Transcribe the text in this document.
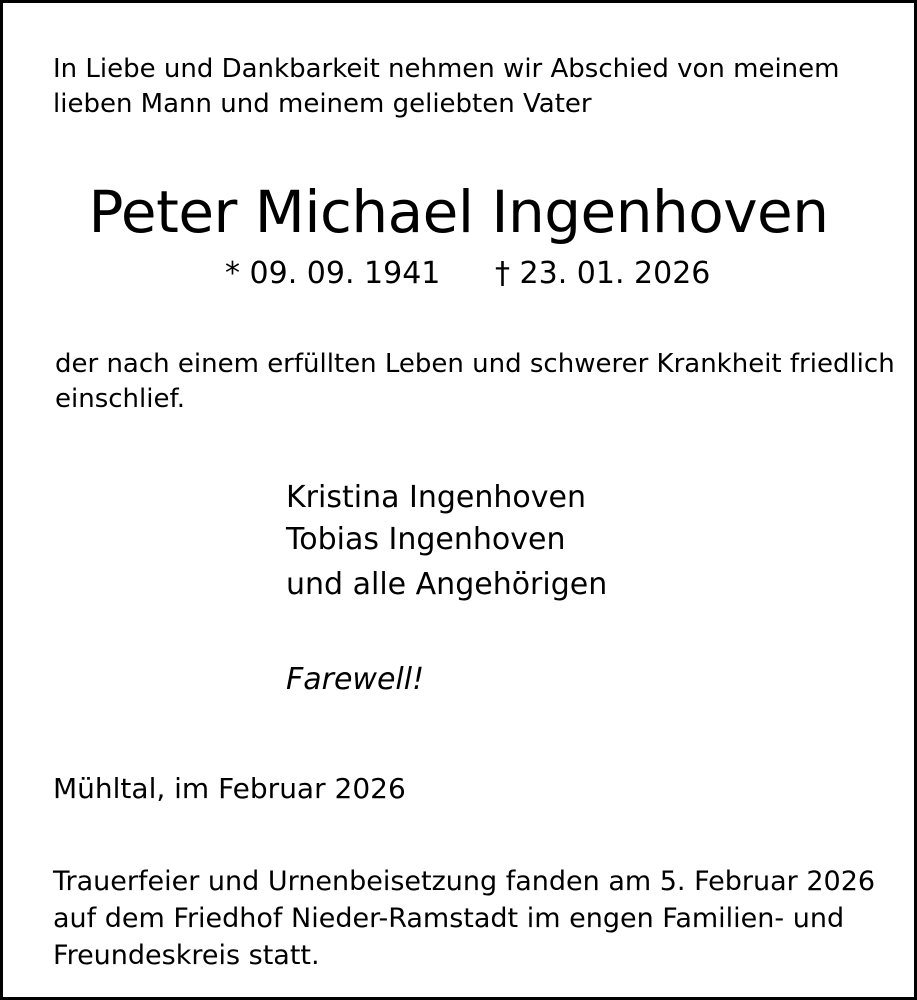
In Liebe und Dankbarkeit nehmen wir Abschied von meinem

lieben Mann und meinem geliebten Vater

Peter Michael Ingenhoven
* 09. 09. 1941 † 23. 01. 2026

der nach einem erfüllten Leben und schwerer Krankheit friedlich

einschlief.

Kristina Ingenhoven

Tobias Ingenhoven

und alle Angehörigen

Farewell!

Mühltal, im Februar 2026

Trauerfeier und Urnenbeisetzung fanden am 5. Februar 2026

auf dem Friedhof Nieder-Ramstadt im engen Familien- und

Freundeskreis statt.
